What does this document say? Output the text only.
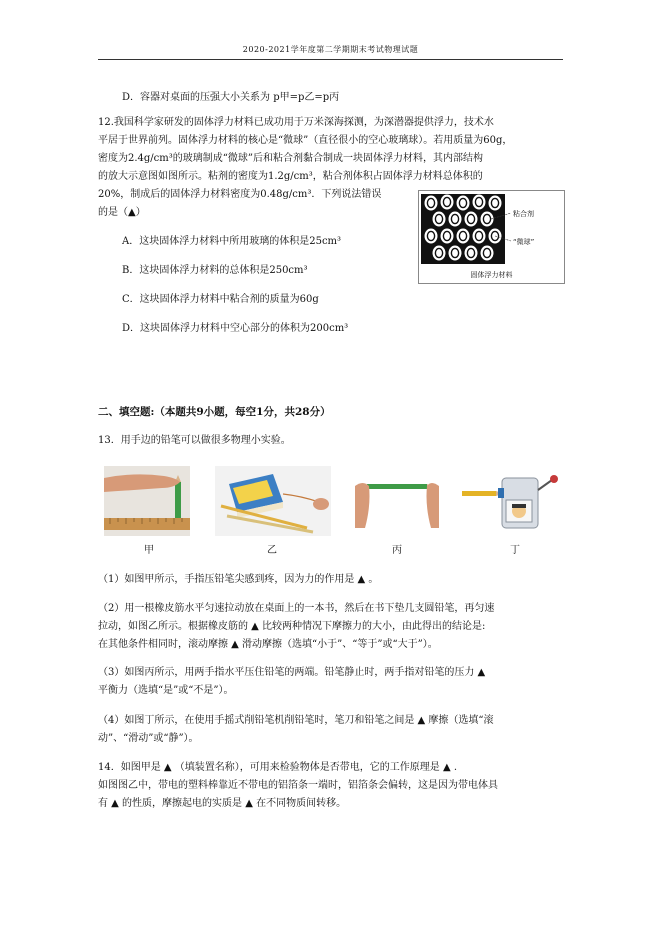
2020-2021学年度第二学期期末考试物理试题
D．容器对桌面的压强大小关系为 p甲=p乙=p丙
12.我国科学家研发的固体浮力材料已成功用于万米深海探测，为深潜器提供浮力，技术水
平居于世界前列。固体浮力材料的核心是“微球”（直径很小的空心玻璃球）。若用质量为60g，
密度为2.4g/cm³的玻璃制成“微球”后和粘合剂黏合制成一块固体浮力材料，其内部结构
的放大示意图如图所示。粘剂的密度为1.2g/cm³，粘合剂体积占固体浮力材料总体积的
20%，制成后的固体浮力材料密度为0.48g/cm³．下列说法错误
的是（▲）
A．这块固体浮力材料中所用玻璃的体积是25cm³
B．这块固体浮力材料的总体积是250cm³
C．这块固体浮力材料中粘合剂的质量为60g
D．这块固体浮力材料中空心部分的体积为200cm³
粘合剂
“微球”
固体浮力材料
二、填空题:（本题共9小题，每空1分，共28分）
13．用手边的铅笔可以做很多物理小实验。
甲	乙	丙	丁
（1）如图甲所示，手指压铅笔尖感到疼，因为力的作用是 ▲ 。
（2）用一根橡皮筋水平匀速拉动放在桌面上的一本书，然后在书下垫几支圆铅笔，再匀速
拉动，如图乙所示。根据橡皮筋的 ▲ 比较两种情况下摩擦力的大小，由此得出的结论是:
在其他条件相同时，滚动摩擦 ▲ 滑动摩擦（选填“小于”、“等于”或“大于”）。
（3）如图丙所示，用两手指水平压住铅笔的两端。铅笔静止时，两手指对铅笔的压力 ▲
平衡力（选填“是”或“不是”）。
（4）如图丁所示，在使用手摇式削铅笔机削铅笔时，笔刀和铅笔之间是 ▲ 摩擦（选填“滚
动”、“滑动”或“静”）。
14．如图甲是 ▲ （填装置名称），可用来检验物体是否带电，它的工作原理是 ▲ .
如图图乙中，带电的塑料棒靠近不带电的铝箔条一端时，铝箔条会偏转，这是因为带电体具
有 ▲ 的性质，摩擦起电的实质是 ▲ 在不同物质间转移。
